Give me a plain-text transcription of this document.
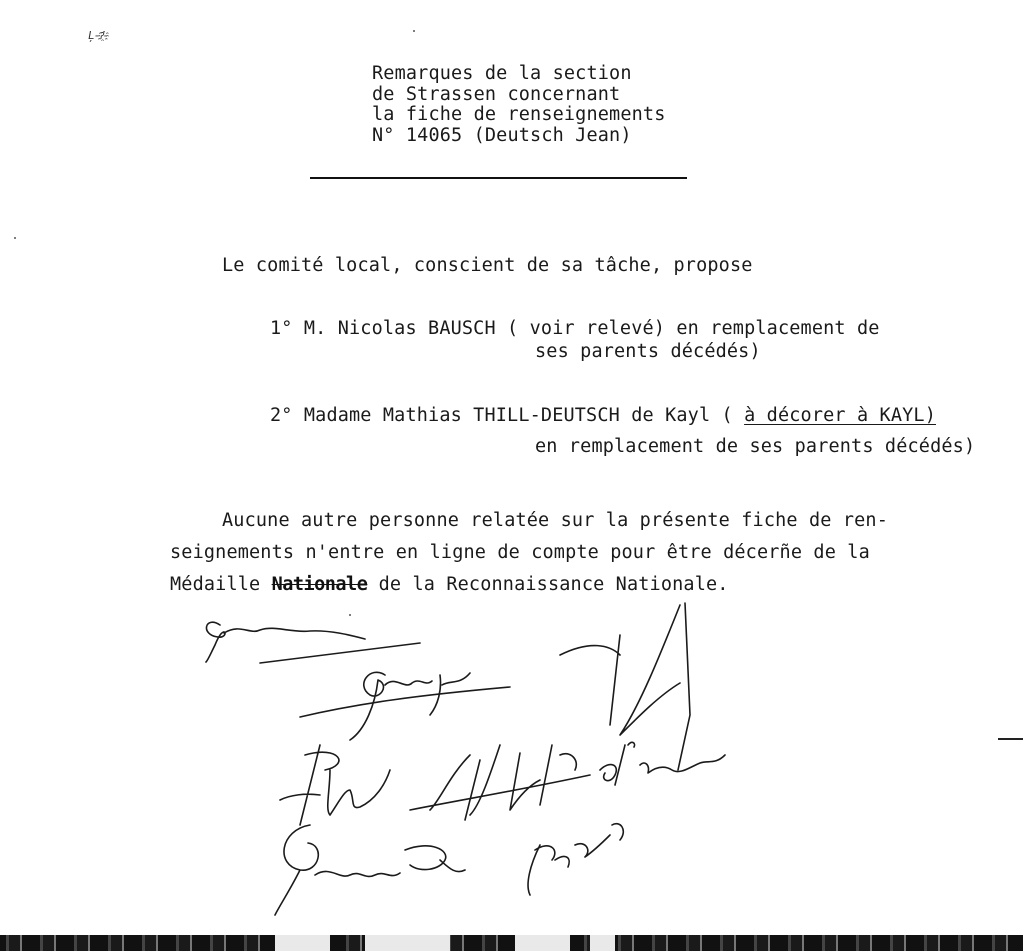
Ļ-ॽ҈-
Remarques de la section
de Strassen concernant
la fiche de renseignements
N° 14065 (Deutsch Jean)
Le comité local, conscient de sa tâche, propose
1° M. Nicolas BAUSCH ( voir relevé) en remplacement de
ses parents décédés)
2° Madame Mathias THILL-DEUTSCH de Kayl ( à décorer à KAYL)
en remplacement de ses parents décédés)
Aucune autre personne relatée sur la présente fiche de ren-
seignements n'entre en ligne de compte pour être décerñe de la
Médaille Nationale de la Reconnaissance Nationale.
